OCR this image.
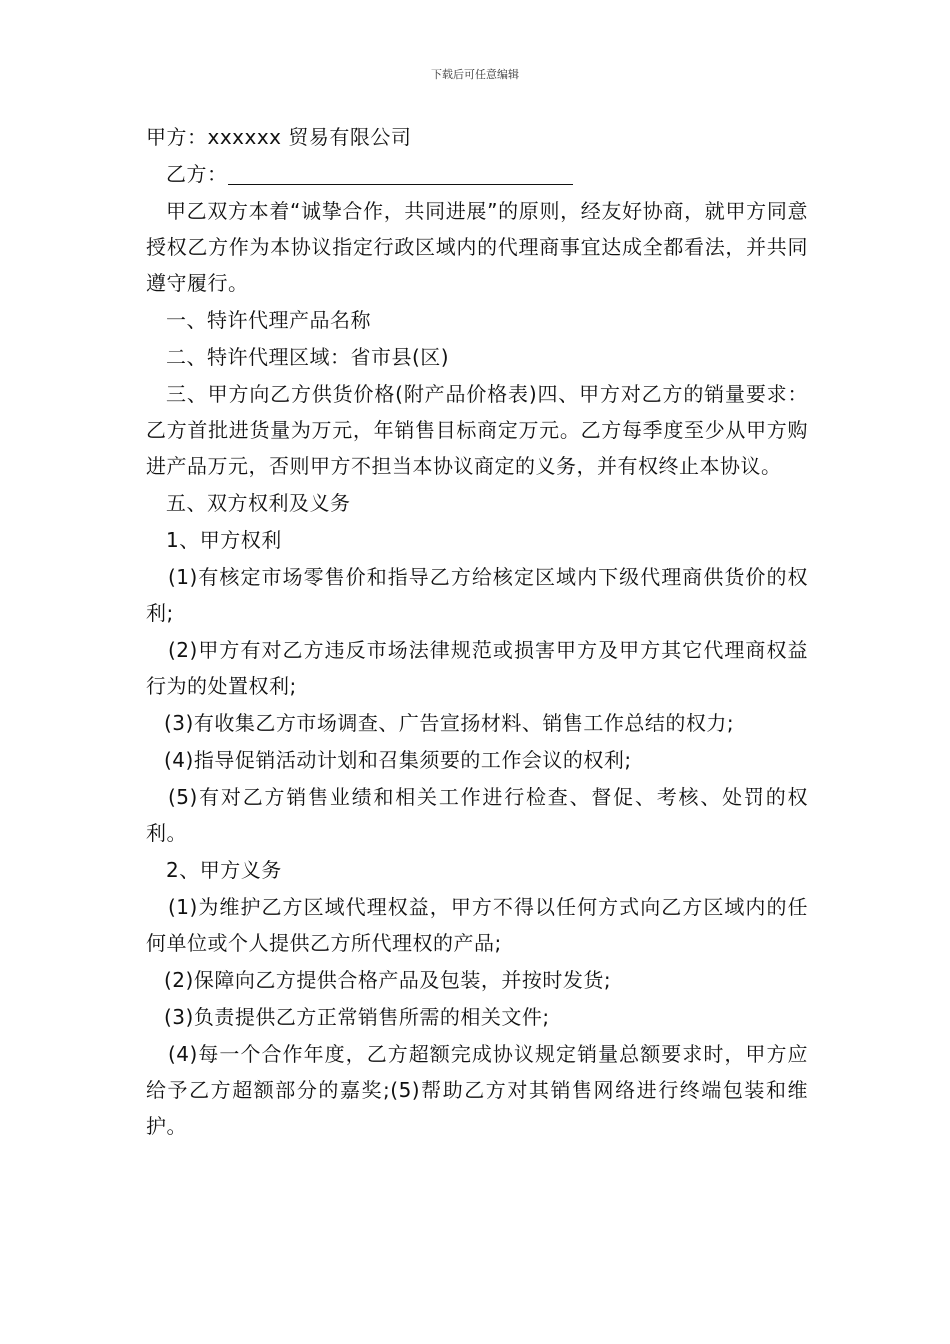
下载后可任意编辑

甲方：xxxxxx 贸易有限公司

乙方：

甲乙双方本着“诚挚合作，共同进展”的原则，经友好协商，就甲方同意授权乙方作为本协议指定行政区域内的代理商事宜达成全都看法，并共同遵守履行。

一、特许代理产品名称

二、特许代理区域：省市县(区)

三、甲方向乙方供货价格(附产品价格表)四、甲方对乙方的销量要求：乙方首批进货量为万元，年销售目标商定万元。乙方每季度至少从甲方购进产品万元，否则甲方不担当本协议商定的义务，并有权终止本协议。

五、双方权利及义务

1、甲方权利

(1)有核定市场零售价和指导乙方给核定区域内下级代理商供货价的权利;

(2)甲方有对乙方违反市场法律规范或损害甲方及甲方其它代理商权益行为的处置权利;

(3)有收集乙方市场调查、广告宣扬材料、销售工作总结的权力;

(4)指导促销活动计划和召集须要的工作会议的权利;

(5)有对乙方销售业绩和相关工作进行检查、督促、考核、处罚的权利。

2、甲方义务

(1)为维护乙方区域代理权益，甲方不得以任何方式向乙方区域内的任何单位或个人提供乙方所代理权的产品;

(2)保障向乙方提供合格产品及包装，并按时发货;

(3)负责提供乙方正常销售所需的相关文件;

(4)每一个合作年度，乙方超额完成协议规定销量总额要求时，甲方应给予乙方超额部分的嘉奖;(5)帮助乙方对其销售网络进行终端包装和维护。
